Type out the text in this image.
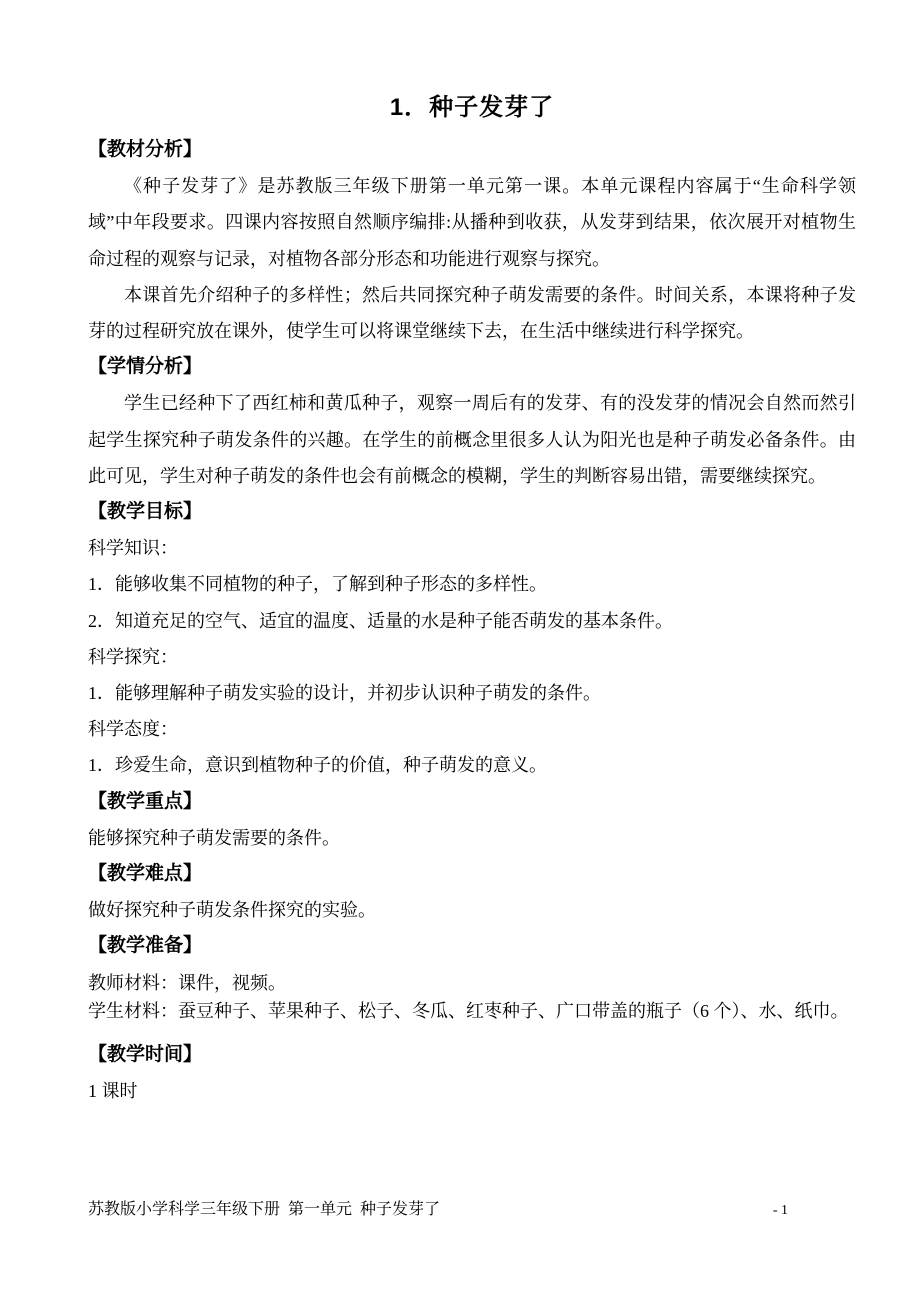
1．种子发芽了
【教材分析】

《种子发芽了》是苏教版三年级下册第一单元第一课。本单元课程内容属于“生命科学领域”中年段要求。四课内容按照自然顺序编排:从播种到收获，从发芽到结果，依次展开对植物生命过程的观察与记录，对植物各部分形态和功能进行观察与探究。

本课首先介绍种子的多样性；然后共同探究种子萌发需要的条件。时间关系，本课将种子发芽的过程研究放在课外，使学生可以将课堂继续下去，在生活中继续进行科学探究。

【学情分析】

学生已经种下了西红柿和黄瓜种子，观察一周后有的发芽、有的没发芽的情况会自然而然引起学生探究种子萌发条件的兴趣。在学生的前概念里很多人认为阳光也是种子萌发必备条件。由此可见，学生对种子萌发的条件也会有前概念的模糊，学生的判断容易出错，需要继续探究。

【教学目标】

科学知识：

1．能够收集不同植物的种子，了解到种子形态的多样性。

2．知道充足的空气、适宜的温度、适量的水是种子能否萌发的基本条件。

科学探究：

1．能够理解种子萌发实验的设计，并初步认识种子萌发的条件。

科学态度：

1．珍爱生命，意识到植物种子的价值，种子萌发的意义。

【教学重点】

能够探究种子萌发需要的条件。

【教学难点】

做好探究种子萌发条件探究的实验。

【教学准备】

教师材料：课件，视频。

学生材料：蚕豆种子、苹果种子、松子、冬瓜、红枣种子、广口带盖的瓶子（6 个）、水、纸巾。

【教学时间】

1 课时

苏教版小学科学三年级下册  第一单元  种子发芽了	- 1
